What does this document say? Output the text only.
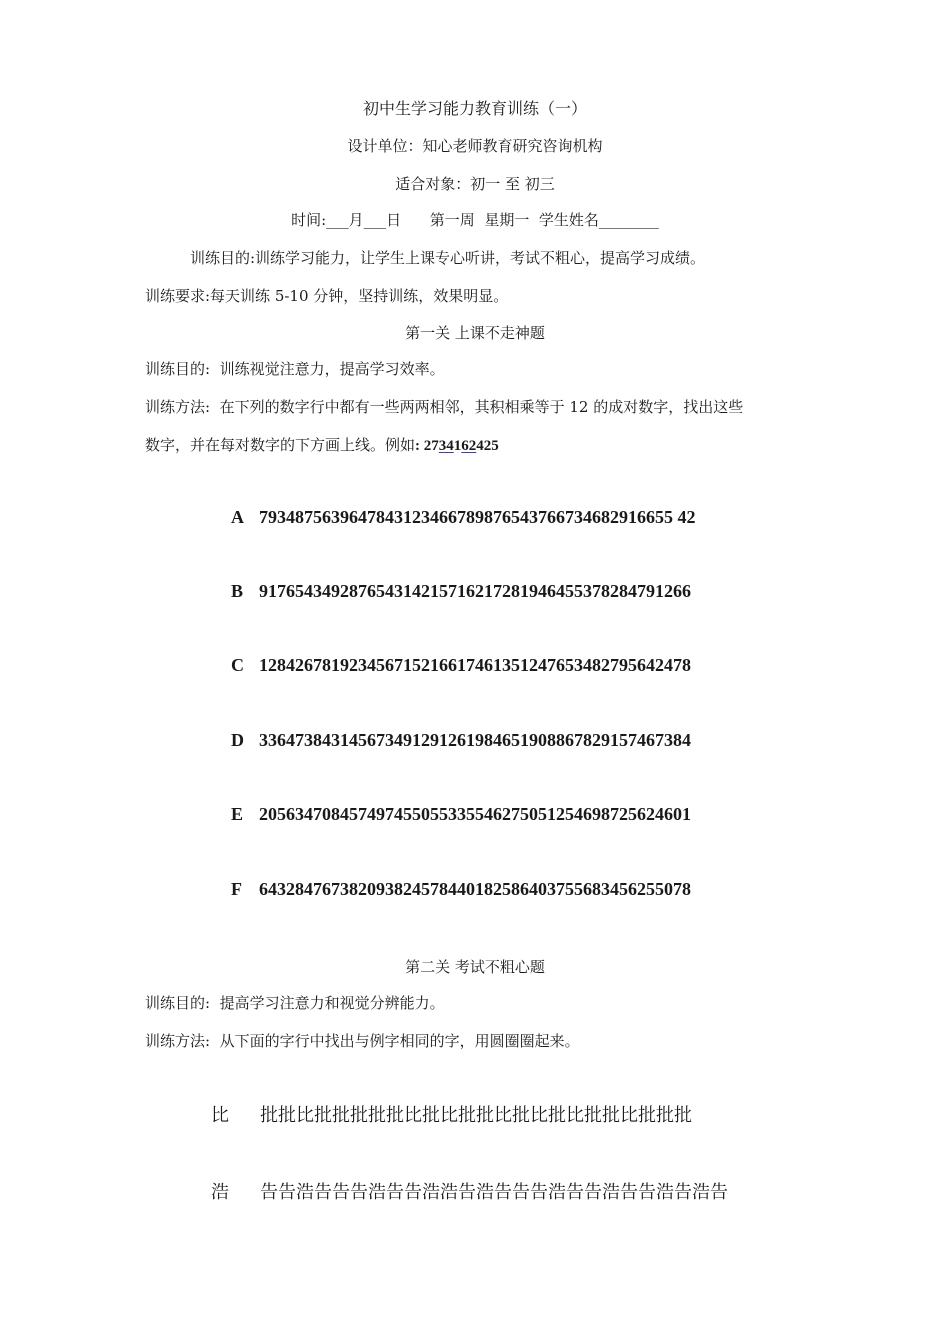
初中生学习能力教育训练（一）
设计单位：知心老师教育研究咨询机构
适合对象：初一 至 初三
时间:___月___日      第一周  星期一  学生姓名________
训练目的:训练学习能力，让学生上课专心听讲，考试不粗心，提高学习成绩。
训练要求:每天训练 5-10 分钟，坚持训练，效果明显。
第一关 上课不走神题
训练目的:  训练视觉注意力，提高学习效率。
训练方法:  在下列的数字行中都有一些两两相邻，其积相乘等于 12 的成对数字，找出这些
数字，并在每对数字的下方画上线。例如: 2734162425
A 7934875639647843123466789876543766734682916655 42
B 917654349287654314215716217281946455378284791266
C 128426781923456715216617461351247653482795642478
D 336473843145673491291261984651908867829157467384
E 205634708457497455055335546275051254698725624601
F 643284767382093824578440182586403755683456255078
第二关 考试不粗心题
训练目的:  提高学习注意力和视觉分辨能力。
训练方法:  从下面的字行中找出与例字相同的字，用圆圈圈起来。
比 批批比批批批批批比批比批批比批比批比批批比批批批
浩 告告浩告告告浩告告浩浩告浩告告告浩告告浩告告浩告浩告
